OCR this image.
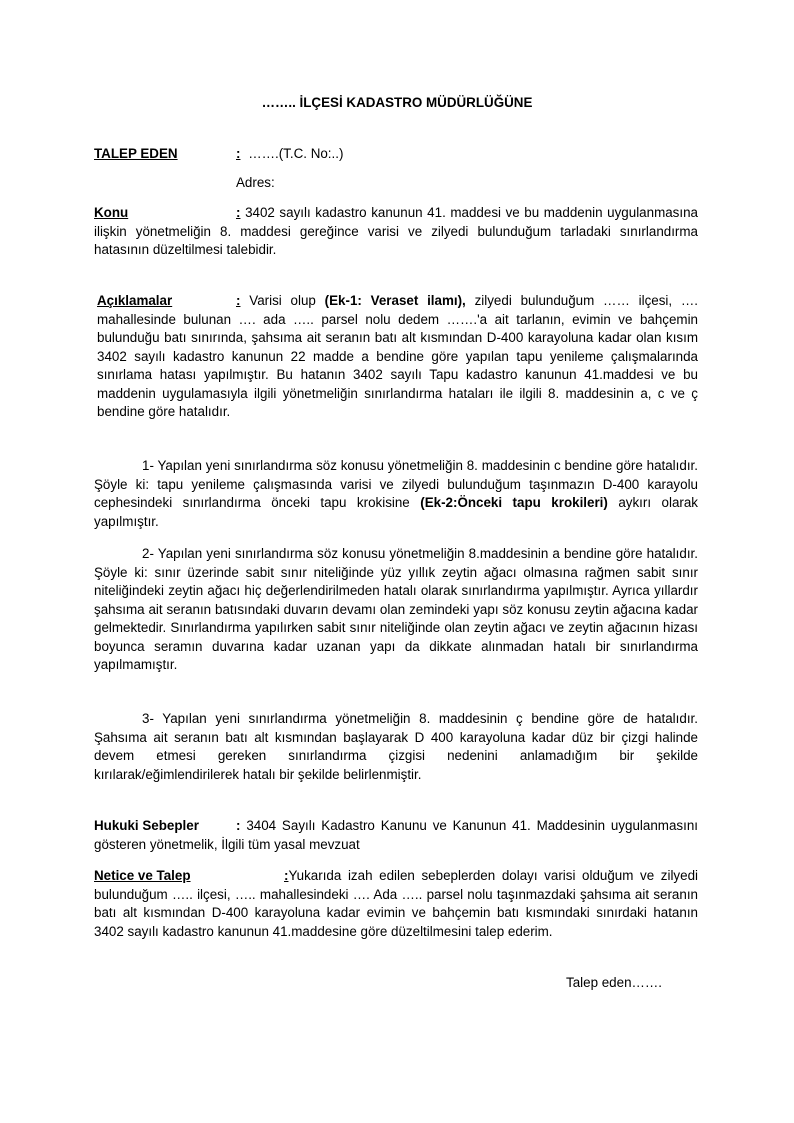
…….. İLÇESİ KADASTRO MÜDÜRLÜĞÜNE
TALEP EDEN	: …….(T.C. No:..)
Adres:

Konu	: 3402 sayılı kadastro kanunun 41. maddesi ve bu maddenin uygulanmasına ilişkin yönetmeliğin 8. maddesi gereğince varisi ve zilyedi bulunduğum tarladaki sınırlandırma hatasının düzeltilmesi talebidir.

Açıklamalar	: Varisi olup (Ek-1: Veraset ilamı), zilyedi bulunduğum …… ilçesi, …. mahallesinde bulunan …. ada ….. parsel nolu dedem …….'a ait tarlanın, evimin ve bahçemin bulunduğu batı sınırında, şahsıma ait seranın batı alt kısmından D-400 karayoluna kadar olan kısım 3402 sayılı kadastro kanunun 22 madde a bendine göre yapılan tapu yenileme çalışmalarında sınırlama hatası yapılmıştır. Bu hatanın 3402 sayılı Tapu kadastro kanunun 41.maddesi ve bu maddenin uygulamasıyla ilgili yönetmeliğin sınırlandırma hataları ile ilgili 8. maddesinin a, c ve ç bendine göre hatalıdır.

1- Yapılan yeni sınırlandırma söz konusu yönetmeliğin 8. maddesinin c bendine göre hatalıdır. Şöyle ki: tapu yenileme çalışmasında varisi ve zilyedi bulunduğum taşınmazın D-400 karayolu cephesindeki sınırlandırma önceki tapu krokisine (Ek-2:Önceki tapu krokileri) aykırı olarak yapılmıştır.

2- Yapılan yeni sınırlandırma söz konusu yönetmeliğin 8.maddesinin a bendine göre hatalıdır. Şöyle ki: sınır üzerinde sabit sınır niteliğinde yüz yıllık zeytin ağacı olmasına rağmen sabit sınır niteliğindeki zeytin ağacı hiç değerlendirilmeden hatalı olarak sınırlandırma yapılmıştır. Ayrıca yıllardır şahsıma ait seranın batısındaki duvarın devamı olan zemindeki yapı söz konusu zeytin ağacına kadar gelmektedir. Sınırlandırma yapılırken sabit sınır niteliğinde olan zeytin ağacı ve zeytin ağacının hizası boyunca seramın duvarına kadar uzanan yapı da dikkate alınmadan hatalı bir sınırlandırma yapılmamıştır.

3- Yapılan yeni sınırlandırma yönetmeliğin 8. maddesinin ç bendine göre de hatalıdır. Şahsıma ait seranın batı alt kısmından başlayarak D 400 karayoluna kadar düz bir çizgi halinde devem etmesi gereken sınırlandırma çizgisi nedenini anlamadığım bir şekilde kırılarak/eğimlendirilerek hatalı bir şekilde belirlenmiştir.

Hukuki Sebepler	: 3404 Sayılı Kadastro Kanunu ve Kanunun 41. Maddesinin uygulanmasını gösteren yönetmelik, İlgili tüm yasal mevzuat

Netice ve Talep	:Yukarıda izah edilen sebeplerden dolayı varisi olduğum ve zilyedi bulunduğum ….. ilçesi, ….. mahallesindeki …. Ada ….. parsel nolu taşınmazdaki şahsıma ait seranın batı alt kısmından D-400 karayoluna kadar evimin ve bahçemin batı kısmındaki sınırdaki hatanın 3402 sayılı kadastro kanunun 41.maddesine göre düzeltilmesini talep ederim.

Talep eden…….
